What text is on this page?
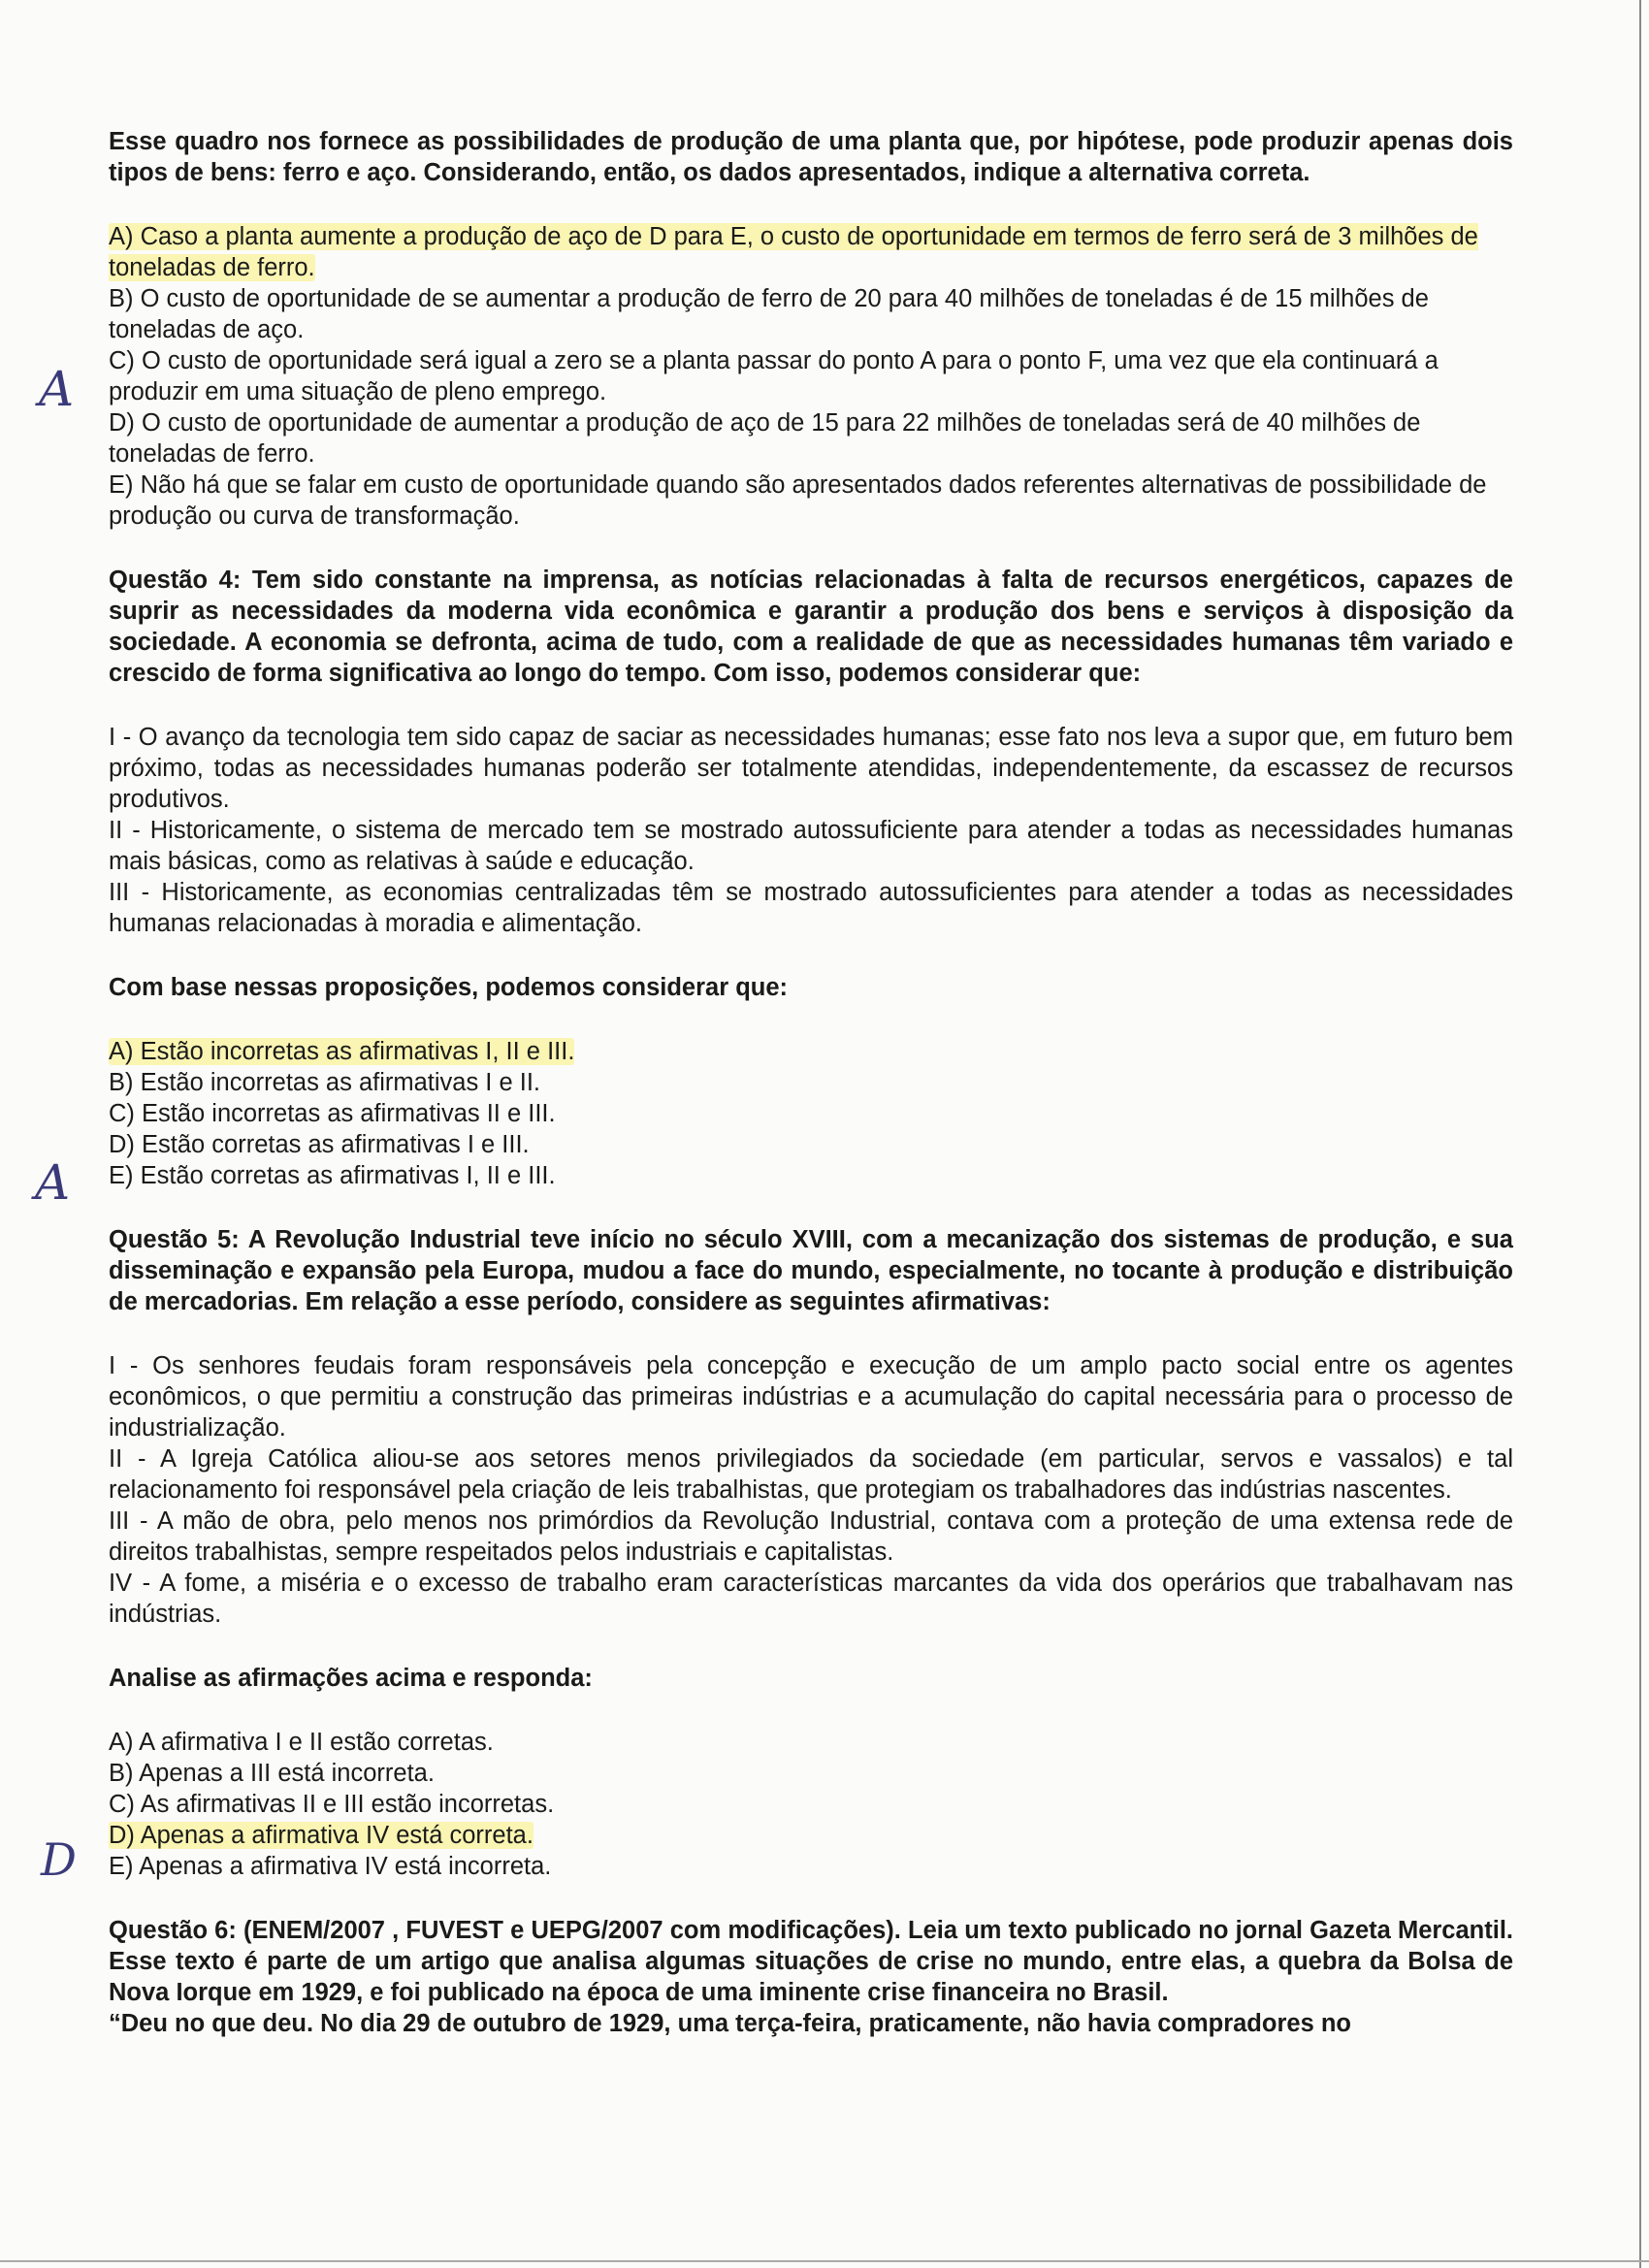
A
A
D

Esse quadro nos fornece as possibilidades de produção de uma planta que, por hipótese, pode produzir apenas dois tipos de bens: ferro e aço. Considerando, então, os dados apresentados, indique a alternativa correta.

A) Caso a planta aumente a produção de aço de D para E, o custo de oportunidade em termos de ferro será de 3 milhões de toneladas de ferro.

B) O custo de oportunidade de se aumentar a produção de ferro de 20 para 40 milhões de toneladas é de 15 milhões de toneladas de aço.

C) O custo de oportunidade será igual a zero se a planta passar do ponto A para o ponto F, uma vez que ela continuará a produzir em uma situação de pleno emprego.

D) O custo de oportunidade de aumentar a produção de aço de 15 para 22 milhões de toneladas será de 40 milhões de toneladas de ferro.

E) Não há que se falar em custo de oportunidade quando são apresentados dados referentes alternativas de possibilidade de produção ou curva de transformação.

Questão 4: Tem sido constante na imprensa, as notícias relacionadas à falta de recursos energéticos, capazes de suprir as necessidades da moderna vida econômica e garantir a produção dos bens e serviços à disposição da sociedade. A economia se defronta, acima de tudo, com a realidade de que as necessidades humanas têm variado e crescido de forma significativa ao longo do tempo. Com isso, podemos considerar que:

I - O avanço da tecnologia tem sido capaz de saciar as necessidades humanas; esse fato nos leva a supor que, em futuro bem próximo, todas as necessidades humanas poderão ser totalmente atendidas, independentemente, da escassez de recursos produtivos.

II - Historicamente, o sistema de mercado tem se mostrado autossuficiente para atender a todas as necessidades humanas mais básicas, como as relativas à saúde e educação.

III - Historicamente, as economias centralizadas têm se mostrado autossuficientes para atender a todas as necessidades humanas relacionadas à moradia e alimentação.

Com base nessas proposições, podemos considerar que:

A) Estão incorretas as afirmativas I, II e III.

B) Estão incorretas as afirmativas I e II.

C) Estão incorretas as afirmativas II e III.

D) Estão corretas as afirmativas I e III.

E) Estão corretas as afirmativas I, II e III.

Questão 5: A Revolução Industrial teve início no século XVIII, com a mecanização dos sistemas de produção, e sua disseminação e expansão pela Europa, mudou a face do mundo, especialmente, no tocante à produção e distribuição de mercadorias. Em relação a esse período, considere as seguintes afirmativas:

I - Os senhores feudais foram responsáveis pela concepção e execução de um amplo pacto social entre os agentes econômicos, o que permitiu a construção das primeiras indústrias e a acumulação do capital necessária para o processo de industrialização.

II - A Igreja Católica aliou-se aos setores menos privilegiados da sociedade (em particular, servos e vassalos) e tal relacionamento foi responsável pela criação de leis trabalhistas, que protegiam os trabalhadores das indústrias nascentes.

III - A mão de obra, pelo menos nos primórdios da Revolução Industrial, contava com a proteção de uma extensa rede de direitos trabalhistas, sempre respeitados pelos industriais e capitalistas.

IV - A fome, a miséria e o excesso de trabalho eram características marcantes da vida dos operários que trabalhavam nas indústrias.

Analise as afirmações acima e responda:

A) A afirmativa I e II estão corretas.

B) Apenas a III está incorreta.

C) As afirmativas II e III estão incorretas.

D) Apenas a afirmativa IV está correta.

E) Apenas a afirmativa IV está incorreta.

Questão 6: (ENEM/2007 , FUVEST e UEPG/2007 com modificações). Leia um texto publicado no jornal Gazeta Mercantil. Esse texto é parte de um artigo que analisa algumas situações de crise no mundo, entre elas, a quebra da Bolsa de Nova Iorque em 1929, e foi publicado na época de uma iminente crise financeira no Brasil.

“Deu no que deu. No dia 29 de outubro de 1929, uma terça-feira, praticamente, não havia compradores no
